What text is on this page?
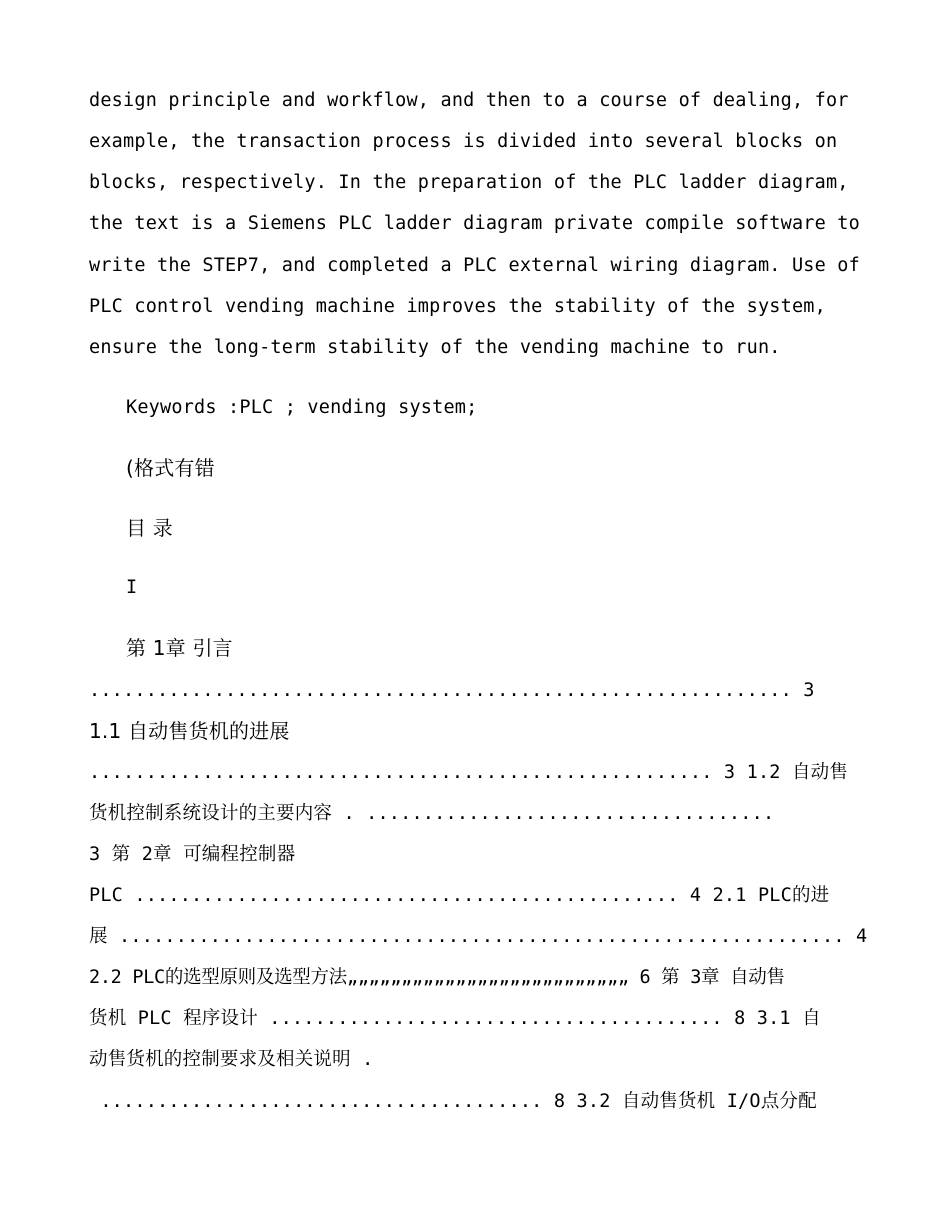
design principle and workflow, and then to a course of dealing, for
example, the transaction process is divided into several blocks on
blocks, respectively. In the preparation of the PLC ladder diagram,
the text is a Siemens PLC ladder diagram private compile software to
write the STEP7, and completed a PLC external wiring diagram. Use of
PLC control vending machine improves the stability of the system,
ensure the long-term stability of the vending machine to run.
Keywords :PLC ; vending system;
(格式有错
目 录
I
第 1章 引言
.............................................................. 3
1.1 自动售货机的进展
....................................................... 3 1.2 自动售
货机控制系统设计的主要内容 . ....................................
3 第 2章 可编程控制器
PLC ................................................ 4 2.1 PLC的进
展 ................................................................ 4
2.2 PLC的选型原则及选型方法„„„„„„„„„„„„„„„„„„„„„„„„„„ 6 第 3章 自动售
货机 PLC 程序设计 ........................................ 8 3.1 自
动售货机的控制要求及相关说明 .
....................................... 8 3.2 自动售货机 I/O点分配
